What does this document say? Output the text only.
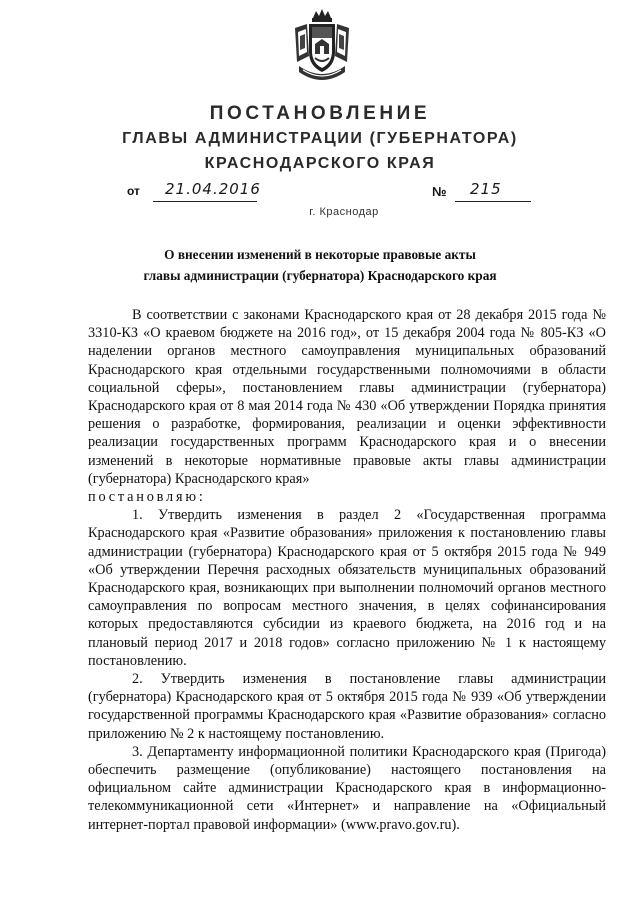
ПОСТАНОВЛЕНИЕ
ГЛАВЫ АДМИНИСТРАЦИИ (ГУБЕРНАТОРА)
КРАСНОДАРСКОГО КРАЯ
от 21.04.2016	№ 215
г. Краснодар
О внесении изменений в некоторые правовые акты
главы администрации (губернатора) Краснодарского края

В соответствии с законами Краснодарского края от 28 декабря 2015 года № 3310-КЗ «О краевом бюджете на 2016 год», от 15 декабря 2004 года № 805-КЗ «О наделении органов местного самоуправления муниципальных образований Краснодарского края отдельными государственными полномочиями в области социальной сферы», постановлением главы администрации (губернатора) Краснодарского края от 8 мая 2014 года № 430 «Об утверждении Порядка принятия решения о разработке, формирования, реализации и оценки эффективности реализации государственных программ Краснодарского края и о внесении изменений в некоторые нормативные правовые акты главы администрации (губернатора) Краснодарского края»

постановляю:

1. Утвердить изменения в раздел 2 «Государственная программа Краснодарского края «Развитие образования» приложения к постановлению главы администрации (губернатора) Краснодарского края от 5 октября 2015 года № 949 «Об утверждении Перечня расходных обязательств муниципальных образований Краснодарского края, возникающих при выполнении полномочий органов местного самоуправления по вопросам местного значения, в целях софинансирования которых предоставляются субсидии из краевого бюджета, на 2016 год и на плановый период 2017 и 2018 годов» согласно приложению № 1 к настоящему постановлению.

2. Утвердить изменения в постановление главы администрации (губернатора) Краснодарского края от 5 октября 2015 года № 939 «Об утверждении государственной программы Краснодарского края «Развитие образования» согласно приложению № 2 к настоящему постановлению.

3. Департаменту информационной политики Краснодарского края (Пригода) обеспечить размещение (опубликование) настоящего постановления на официальном сайте администрации Краснодарского края в информационно-телекоммуникационной сети «Интернет» и направление на «Официальный интернет-портал правовой информации» (www.pravo.gov.ru).
